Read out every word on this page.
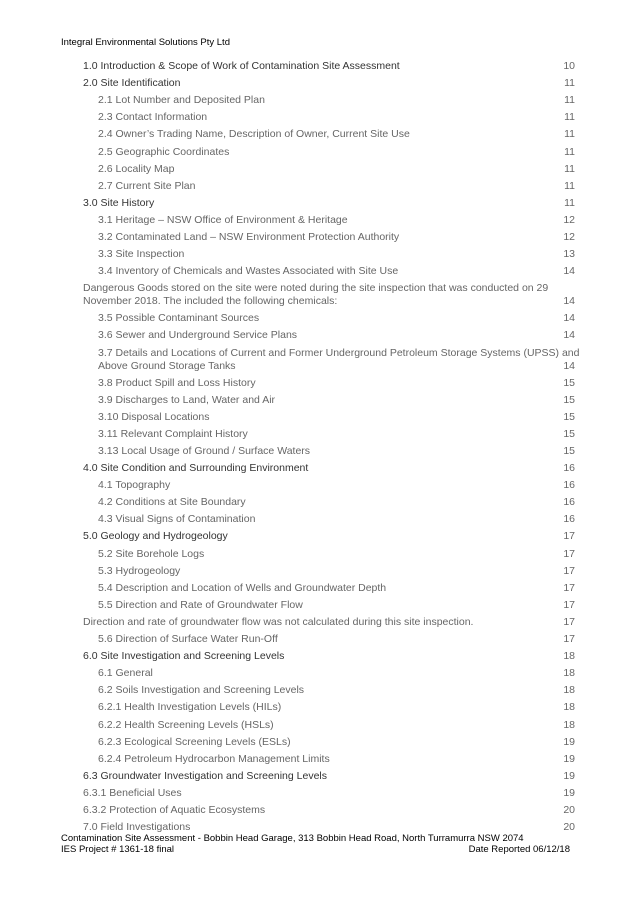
Integral Environmental Solutions Pty Ltd
1.0 Introduction & Scope of Work of Contamination Site Assessment	10
2.0 Site Identification	11
2.1 Lot Number and Deposited Plan	11
2.3 Contact Information	11
2.4 Owner’s Trading Name, Description of Owner, Current Site Use	11
2.5 Geographic Coordinates	11
2.6 Locality Map	11
2.7 Current Site Plan	11
3.0 Site History	11
3.1 Heritage – NSW Office of Environment & Heritage	12
3.2 Contaminated Land – NSW Environment Protection Authority	12
3.3 Site Inspection	13
3.4 Inventory of Chemicals and Wastes Associated with Site Use	14
Dangerous Goods stored on the site were noted during the site inspection that was conducted on 29 November 2018. The included the following chemicals:	14
3.5 Possible Contaminant Sources	14
3.6 Sewer and Underground Service Plans	14
3.7 Details and Locations of Current and Former Underground Petroleum Storage Systems (UPSS) and Above Ground Storage Tanks	14
3.8 Product Spill and Loss History	15
3.9 Discharges to Land, Water and Air	15
3.10 Disposal Locations	15
3.11 Relevant Complaint History	15
3.13 Local Usage of Ground / Surface Waters	15
4.0 Site Condition and Surrounding Environment	16
4.1 Topography	16
4.2 Conditions at Site Boundary	16
4.3 Visual Signs of Contamination	16
5.0 Geology and Hydrogeology	17
5.2 Site Borehole Logs	17
5.3 Hydrogeology	17
5.4 Description and Location of Wells and Groundwater Depth	17
5.5 Direction and Rate of Groundwater Flow	17
Direction and rate of groundwater flow was not calculated during this site inspection.	17
5.6 Direction of Surface Water Run-Off	17
6.0 Site Investigation and Screening Levels	18
6.1 General	18
6.2 Soils Investigation and Screening Levels	18
6.2.1 Health Investigation Levels (HILs)	18
6.2.2 Health Screening Levels (HSLs)	18
6.2.3 Ecological Screening Levels (ESLs)	19
6.2.4 Petroleum Hydrocarbon Management Limits	19
6.3 Groundwater Investigation and Screening Levels	19
6.3.1 Beneficial Uses	19
6.3.2 Protection of Aquatic Ecosystems	20
7.0 Field Investigations	20
Contamination Site Assessment - Bobbin Head Garage, 313 Bobbin Head Road, North Turramurra NSW 2074
IES Project # 1361-18 final	Date Reported 06/12/18
